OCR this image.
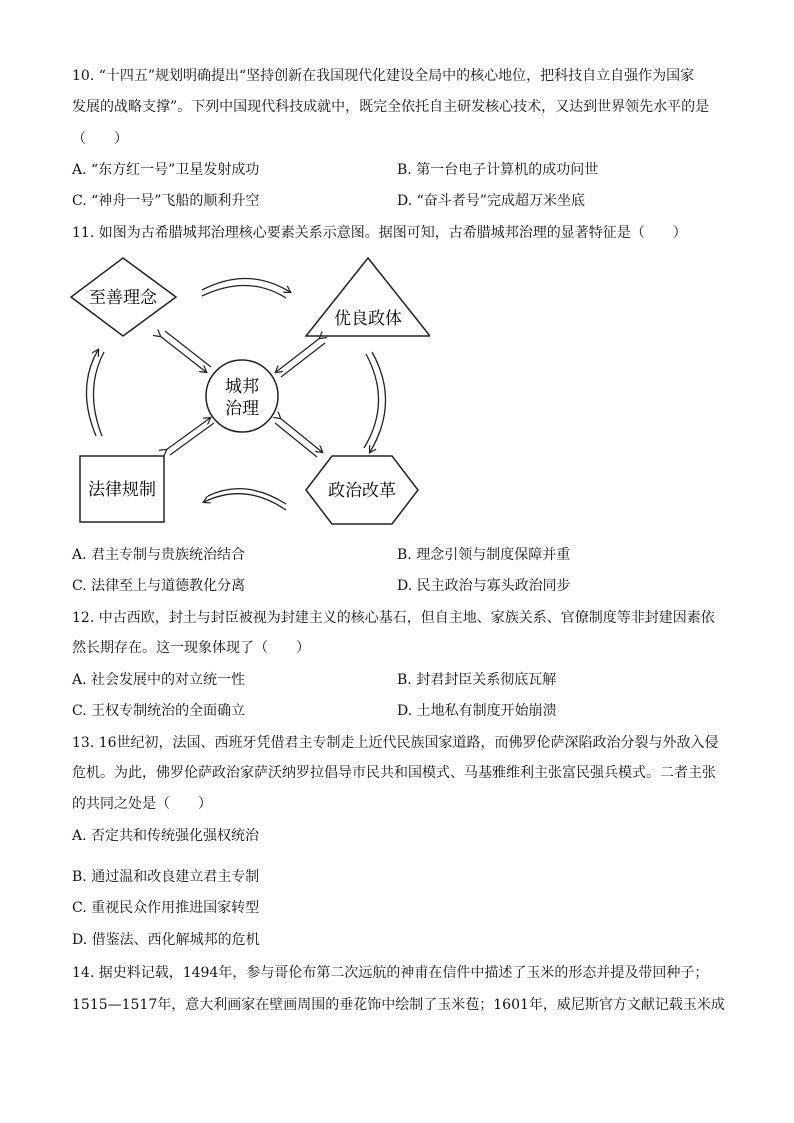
10. “十四五”规划明确提出“坚持创新在我国现代化建设全局中的核心地位，把科技自立自强作为国家
发展的战略支撑”。下列中国现代科技成就中，既完全依托自主研发核心技术，又达到世界领先水平的是
（　　）
A. “东方红一号”卫星发射成功	B. 第一台电子计算机的成功问世
C. “神舟一号”飞船的顺利升空	D. “奋斗者号”完成超万米坐底
11. 如图为古希腊城邦治理核心要素关系示意图。据图可知，古希腊城邦治理的显著特征是（　　）
至善理念
优良政体
城邦
治理
法律规制	政治改革
A. 君主专制与贵族统治结合	B. 理念引领与制度保障并重
C. 法律至上与道德教化分离	D. 民主政治与寡头政治同步
12. 中古西欧，封土与封臣被视为封建主义的核心基石，但自主地、家族关系、官僚制度等非封建因素依
然长期存在。这一现象体现了（　　）
A. 社会发展中的对立统一性	B. 封君封臣关系彻底瓦解
C. 王权专制统治的全面确立	D. 土地私有制度开始崩溃
13. 16世纪初，法国、西班牙凭借君主专制走上近代民族国家道路，而佛罗伦萨深陷政治分裂与外敌入侵
危机。为此，佛罗伦萨政治家萨沃纳罗拉倡导市民共和国模式、马基雅维利主张富民强兵模式。二者主张
的共同之处是（　　）
A. 否定共和传统强化强权统治
B. 通过温和改良建立君主专制
C. 重视民众作用推进国家转型
D. 借鉴法、西化解城邦的危机
14. 据史料记载，1494年，参与哥伦布第二次远航的神甫在信件中描述了玉米的形态并提及带回种子；
1515—1517年，意大利画家在壁画周围的垂花饰中绘制了玉米苞；1601年，威尼斯官方文献记载玉米成
